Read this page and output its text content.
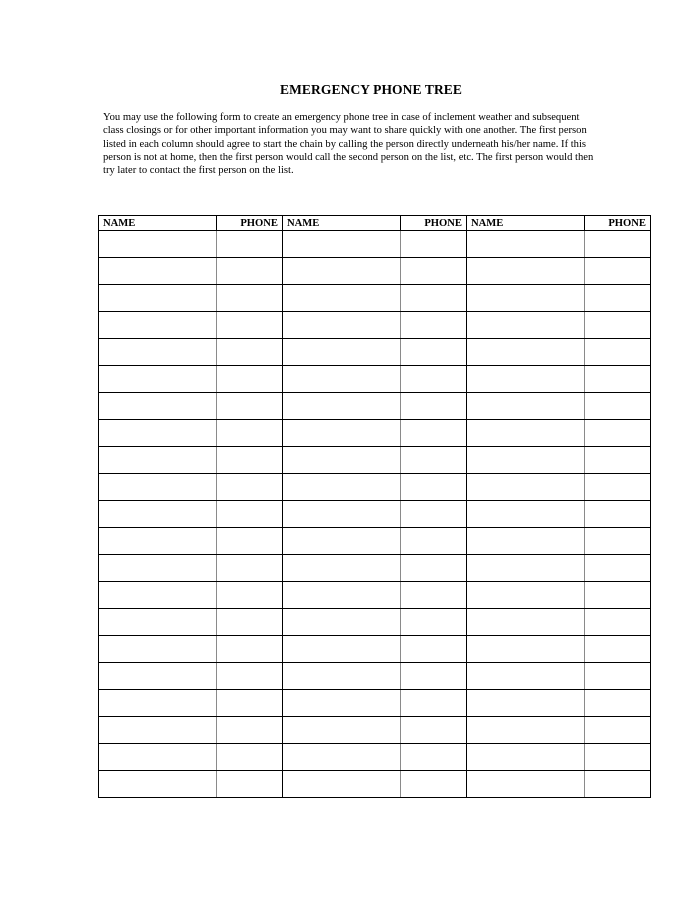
EMERGENCY PHONE TREE
You may use the following form to create an emergency phone tree in case of inclement weather and subsequent
class closings or for other important information you may want to share quickly with one another. The first person
listed in each column should agree to start the chain by calling the person directly underneath his/her name. If this
person is not at home, then the first person would call the second person on the list, etc. The first person would then
try later to contact the first person on the list.
NAME	PHONE	NAME	PHONE	NAME	PHONE
